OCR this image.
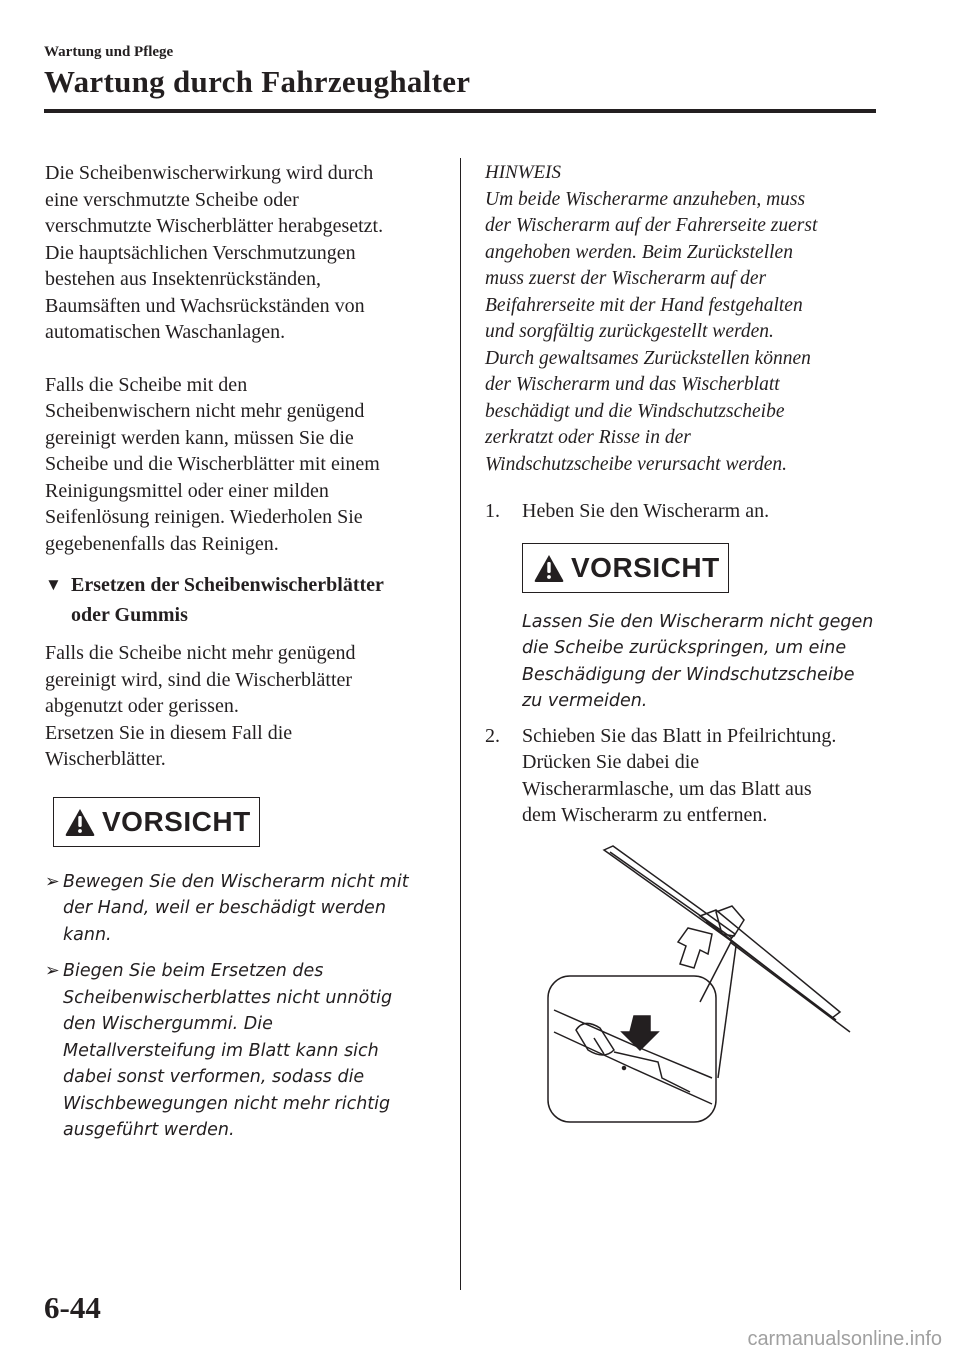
Wartung und Pflege
Wartung durch Fahrzeughalter

Die Scheibenwischerwirkung wird durch
eine verschmutzte Scheibe oder
verschmutzte Wischerblätter herabgesetzt.
Die hauptsächlichen Verschmutzungen
bestehen aus Insektenrückständen,
Baumsäften und Wachsrückständen von
automatischen Waschanlagen.

Falls die Scheibe mit den
Scheibenwischern nicht mehr genügend
gereinigt werden kann, müssen Sie die
Scheibe und die Wischerblätter mit einem
Reinigungsmittel oder einer milden
Seifenlösung reinigen. Wiederholen Sie
gegebenenfalls das Reinigen.

▼ Ersetzen der Scheibenwischerblätter
oder Gummis

Falls die Scheibe nicht mehr genügend
gereinigt wird, sind die Wischerblätter
abgenutzt oder gerissen.
Ersetzen Sie in diesem Fall die
Wischerblätter.

VORSICHT
➢ Bewegen Sie den Wischerarm nicht mit
der Hand, weil er beschädigt werden
kann.
➢ Biegen Sie beim Ersetzen des
Scheibenwischerblattes nicht unnötig
den Wischergummi. Die
Metallversteifung im Blatt kann sich
dabei sonst verformen, sodass die
Wischbewegungen nicht mehr richtig
ausgeführt werden.

HINWEIS

Um beide Wischerarme anzuheben, muss
der Wischerarm auf der Fahrerseite zuerst
angehoben werden. Beim Zurückstellen
muss zuerst der Wischerarm auf der
Beifahrerseite mit der Hand festgehalten
und sorgfältig zurückgestellt werden.
Durch gewaltsames Zurückstellen können
der Wischerarm und das Wischerblatt
beschädigt und die Windschutzscheibe
zerkratzt oder Risse in der
Windschutzscheibe verursacht werden.

1. Heben Sie den Wischerarm an.
VORSICHT

Lassen Sie den Wischerarm nicht gegen
die Scheibe zurückspringen, um eine
Beschädigung der Windschutzscheibe
zu vermeiden.

2. Schieben Sie das Blatt in Pfeilrichtung.
Drücken Sie dabei die
Wischerarmlasche, um das Blatt aus
dem Wischerarm zu entfernen.
6-44
carmanualsonline.info
